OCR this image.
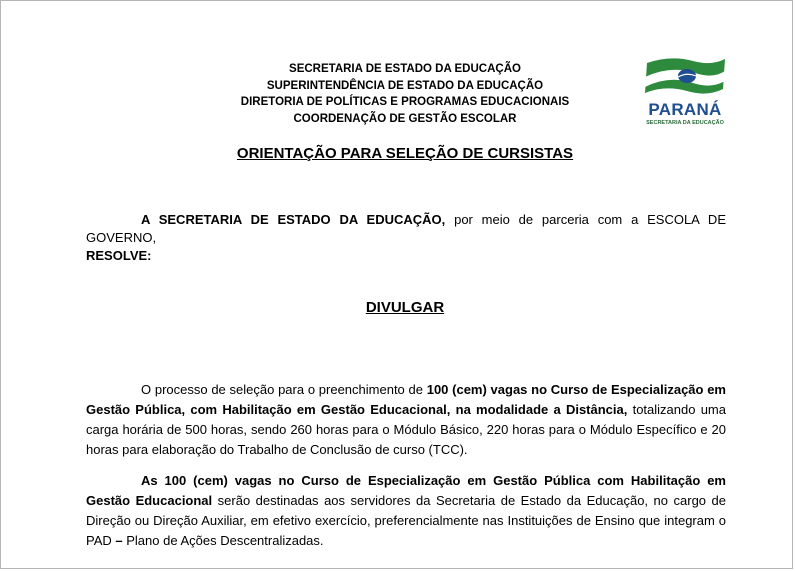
SECRETARIA DE ESTADO DA EDUCAÇÃO
SUPERINTENDÊNCIA DE ESTADO DA EDUCAÇÃO
DIRETORIA DE POLÍTICAS E PROGRAMAS EDUCACIONAIS
COORDENAÇÃO DE GESTÃO ESCOLAR	PARANÁ
SECRETARIA DA EDUCAÇÃO
ORIENTAÇÃO PARA SELEÇÃO DE CURSISTAS
A SECRETARIA DE ESTADO DA EDUCAÇÃO, por meio de parceria com a ESCOLA DE GOVERNO,
RESOLVE:
DIVULGAR
O processo de seleção para o preenchimento de 100 (cem) vagas no Curso de Especialização em Gestão Pública, com Habilitação em Gestão Educacional, na modalidade a Distância, totalizando uma carga horária de 500 horas, sendo 260 horas para o Módulo Básico, 220 horas para o Módulo Específico e 20 horas para elaboração do Trabalho de Conclusão de curso (TCC).
As 100 (cem) vagas no Curso de Especialização em Gestão Pública com Habilitação em Gestão Educacional serão destinadas aos servidores da Secretaria de Estado da Educação, no cargo de Direção ou Direção Auxiliar, em efetivo exercício, preferencialmente nas Instituições de Ensino que integram o PAD – Plano de Ações Descentralizadas.
